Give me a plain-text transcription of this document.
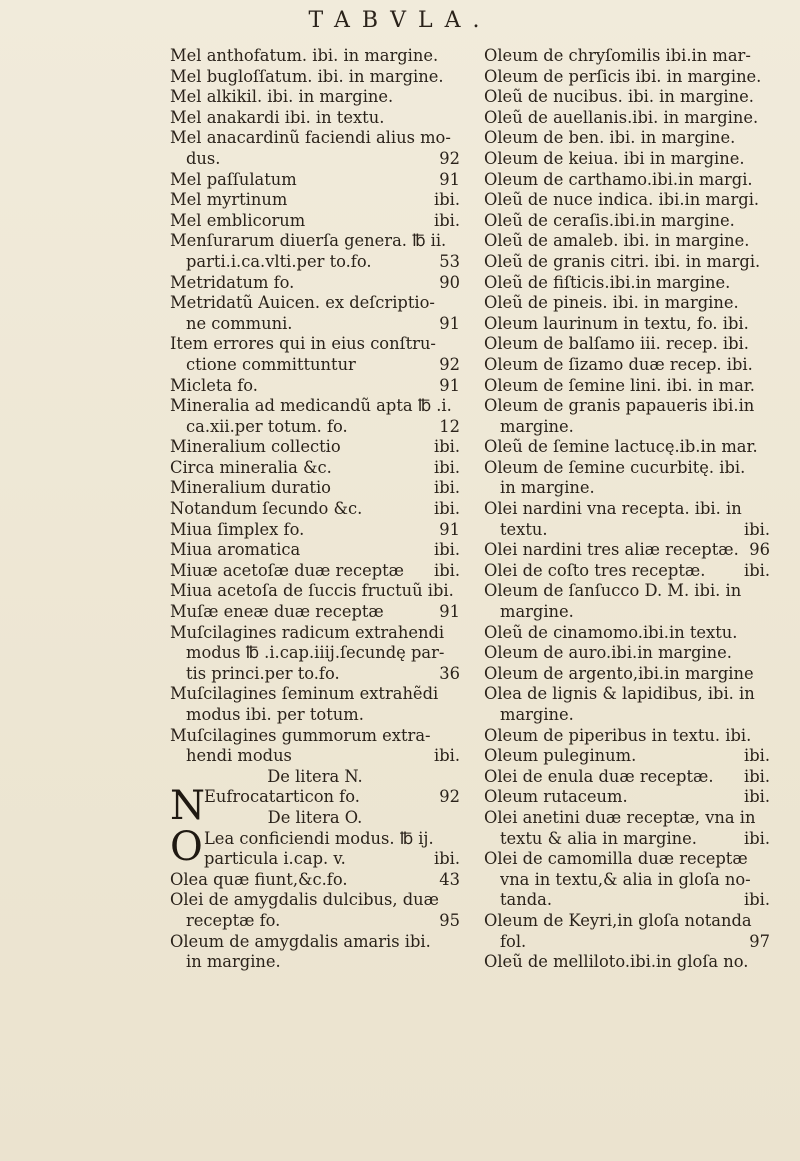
TABVLA.
Mel anthofatum. ibi. in margine.
Mel bugloſſatum. ibi. in margine.
Mel alkikil. ibi. in margine.
Mel anakardi ibi. in textu.
Mel anacardinũ faciendi alius mo-
dus.	92
Mel paſſulatum	91
Mel myrtinum	ibi.
Mel emblicorum	ibi.
Menſurarum diuerſa genera. ℔ ii.
parti.i.ca.vlti.per to.fo.	53
Metridatum fo.	90
Metridatũ Auicen. ex deſcriptio-
ne communi.	91
Item errores qui in eius conſtru-
ctione committuntur	92
Micleta fo.	91
Mineralia ad medicandũ apta ℔ .i.
ca.xii.per totum. fo.	12
Mineralium collectio	ibi.
Circa mineralia &c.	ibi.
Mineralium duratio	ibi.
Notandum ſecundo &c.	ibi.
Miua ſimplex fo.	91
Miua aromatica	ibi.
Miuæ acetoſæ duæ receptæ ibi.
Miua acetoſa de ſuccis fructuũ ibi.
Muſæ eneæ duæ receptæ	91
Muſcilagines radicum extrahendi
modus ℔ .i.cap.iiij.ſecundę par-
tis princi.per to.fo.	36
Muſcilagines ſeminum extrahẽdi
modus ibi. per totum.
Muſcilagines gummorum extra-
hendi modus	ibi.
De litera N.
N Eufrocatarticon fo.	92
De litera O.
O Lea conficiendi modus. ℔ ij.
particula i.cap. v.	ibi.
Olea quæ fiunt,&c.fo.	43
Olei de amygdalis dulcibus, duæ
receptæ fo.	95
Oleum de amygdalis amaris ibi.
in margine.
Oleum de chryſomilis ibi.in mar-
Oleum de perſicis ibi. in margine.
Oleũ de nucibus. ibi. in margine.
Oleũ de auellanis.ibi. in margine.
Oleum de ben. ibi. in margine.
Oleum de keiua. ibi in margine.
Oleum de carthamo.ibi.in margi.
Oleũ de nuce indica. ibi.in margi.
Oleũ de ceraſis.ibi.in margine.
Oleũ de amaleb. ibi. in margine.
Oleũ de granis citri. ibi. in margi.
Oleũ de fiſticis.ibi.in margine.
Oleũ de pineis. ibi. in margine.
Oleum laurinum in textu, fo. ibi.
Oleum de balſamo iii. recep. ibi.
Oleum de ſizamo duæ recep. ibi.
Oleum de ſemine lini. ibi. in mar.
Oleum de granis papaueris ibi.in
margine.
Oleũ de ſemine lactucę.ib.in mar.
Oleum de ſemine cucurbitę. ibi.
in margine.
Olei nardini vna recepta. ibi. in
textu.	ibi.
Olei nardini tres aliæ receptæ. 96
Olei de coſto tres receptæ. ibi.
Oleum de ſanſucco D. M. ibi. in
margine.
Oleũ de cinamomo.ibi.in textu.
Oleum de auro.ibi.in margine.
Oleum de argento,ibi.in margine
Olea de lignis & lapidibus, ibi. in
margine.
Oleum de piperibus in textu. ibi.
Oleum puleginum.	ibi.
Olei de enula duæ receptæ. ibi.
Oleum rutaceum.	ibi.
Olei anetini duæ receptæ, vna in
textu & alia in margine.	ibi.
Olei de camomilla duæ receptæ
vna in textu,& alia in gloſa no-
tanda.	ibi.
Oleum de Keyri,in gloſa notanda
fol.	97
Oleũ de melliloto.ibi.in gloſa no.
